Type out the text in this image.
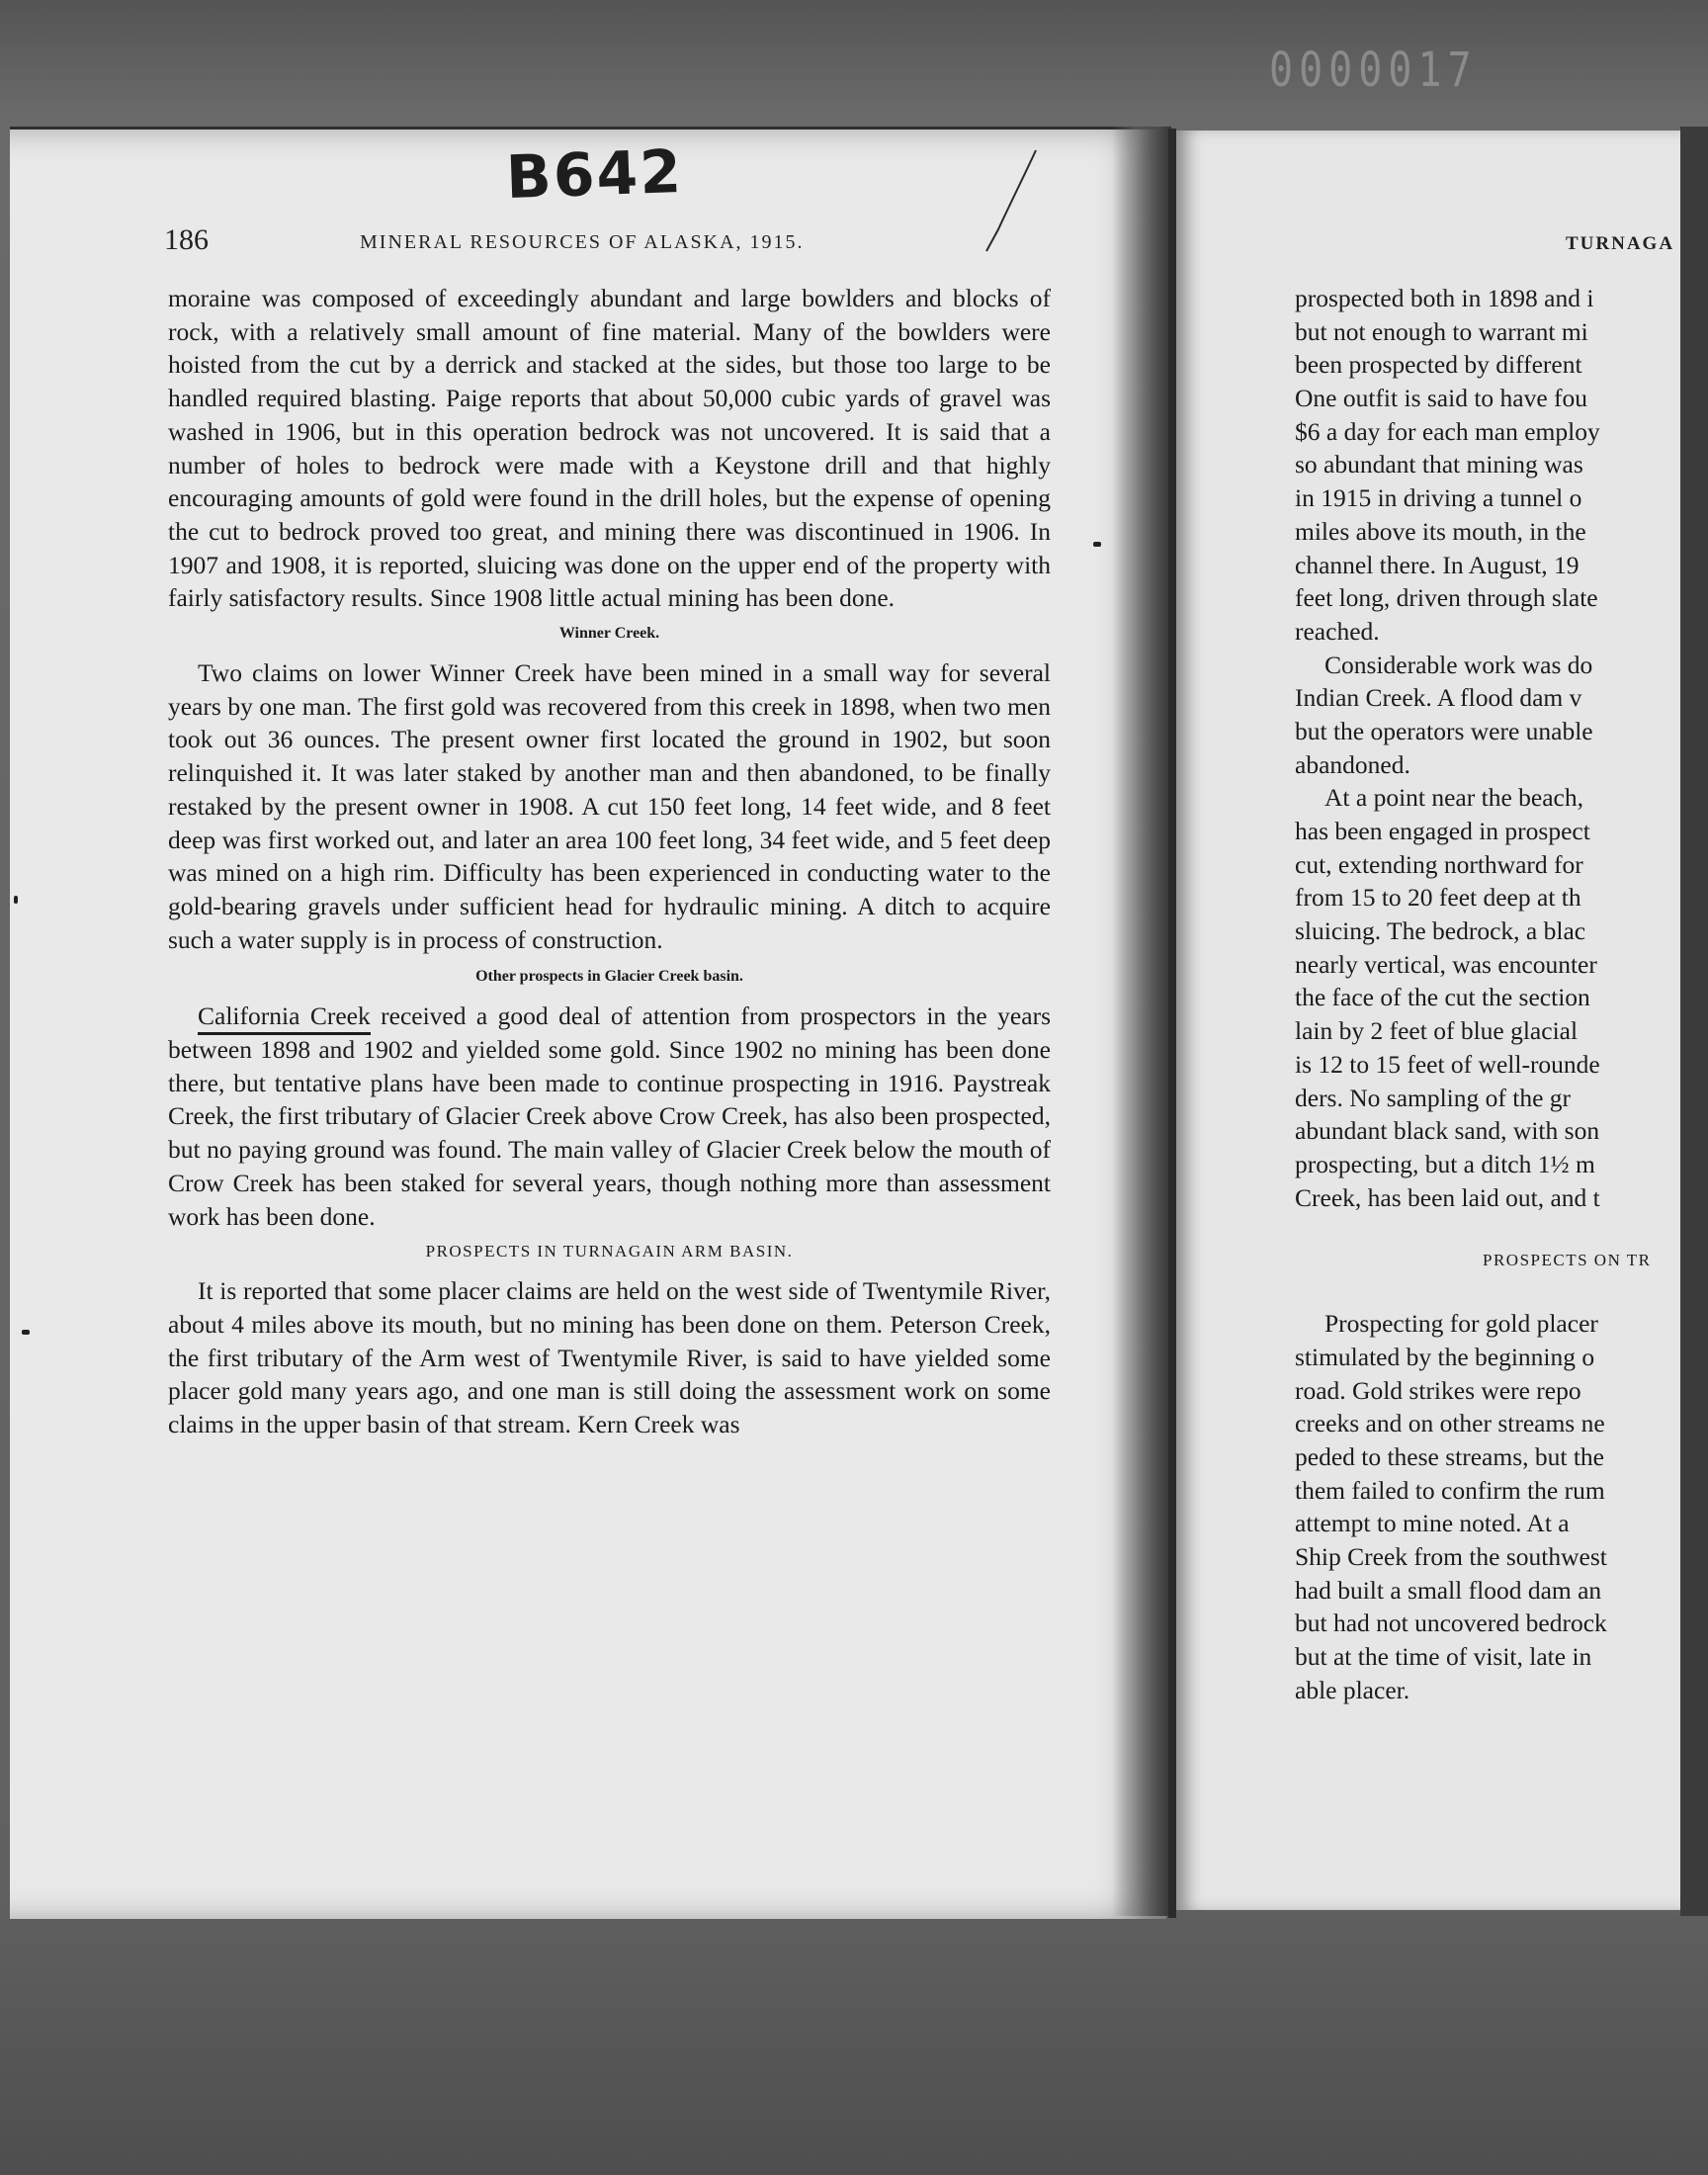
0000017
B642
186	MINERAL RESOURCES OF ALASKA, 1915.	TURNAGA

moraine was composed of exceedingly abundant and large bowlders and blocks of rock, with a relatively small amount of fine material. Many of the bowlders were hoisted from the cut by a derrick and stacked at the sides, but those too large to be handled required blasting. Paige reports that about 50,000 cubic yards of gravel was washed in 1906, but in this operation bedrock was not uncovered. It is said that a number of holes to bedrock were made with a Keystone drill and that highly encouraging amounts of gold were found in the drill holes, but the expense of opening the cut to bedrock proved too great, and mining there was discontinued in 1906. In 1907 and 1908, it is reported, sluicing was done on the upper end of the property with fairly satisfactory results. Since 1908 little actual mining has been done.

Winner Creek.

Two claims on lower Winner Creek have been mined in a small way for several years by one man. The first gold was recovered from this creek in 1898, when two men took out 36 ounces. The present owner first located the ground in 1902, but soon relinquished it. It was later staked by another man and then abandoned, to be finally restaked by the present owner in 1908. A cut 150 feet long, 14 feet wide, and 8 feet deep was first worked out, and later an area 100 feet long, 34 feet wide, and 5 feet deep was mined on a high rim. Difficulty has been experienced in conducting water to the gold-bearing gravels under sufficient head for hydraulic mining. A ditch to acquire such a water supply is in process of construction.

Other prospects in Glacier Creek basin.

California Creek received a good deal of attention from prospectors in the years between 1898 and 1902 and yielded some gold. Since 1902 no mining has been done there, but tentative plans have been made to continue prospecting in 1916. Paystreak Creek, the first tributary of Glacier Creek above Crow Creek, has also been prospected, but no paying ground was found. The main valley of Glacier Creek below the mouth of Crow Creek has been staked for several years, though nothing more than assessment work has been done.

PROSPECTS IN TURNAGAIN ARM BASIN.

It is reported that some placer claims are held on the west side of Twentymile River, about 4 miles above its mouth, but no mining has been done on them. Peterson Creek, the first tributary of the Arm west of Twentymile River, is said to have yielded some placer gold many years ago, and one man is still doing the assessment work on some claims in the upper basin of that stream. Kern Creek was

prospected both in 1898 and i
but not enough to warrant mi
been prospected by different
One outfit is said to have fou
$6 a day for each man employ
so abundant that mining was
in 1915 in driving a tunnel o
miles above its mouth, in the
channel there. In August, 19
feet long, driven through slate
reached.

Considerable work was do
Indian Creek. A flood dam v
but the operators were unable
abandoned.

At a point near the beach,
has been engaged in prospect
cut, extending northward for
from 15 to 20 feet deep at th
sluicing. The bedrock, a blac
nearly vertical, was encounter
the face of the cut the section
lain by 2 feet of blue glacial
is 12 to 15 feet of well-rounde
ders. No sampling of the gr
abundant black sand, with son
prospecting, but a ditch 1½ m
Creek, has been laid out, and t

PROSPECTS ON TR

Prospecting for gold placer
stimulated by the beginning o
road. Gold strikes were repo
creeks and on other streams ne
peded to these streams, but the
them failed to confirm the rum
attempt to mine noted. At a
Ship Creek from the southwest
had built a small flood dam an
but had not uncovered bedrock
but at the time of visit, late in
able placer.
